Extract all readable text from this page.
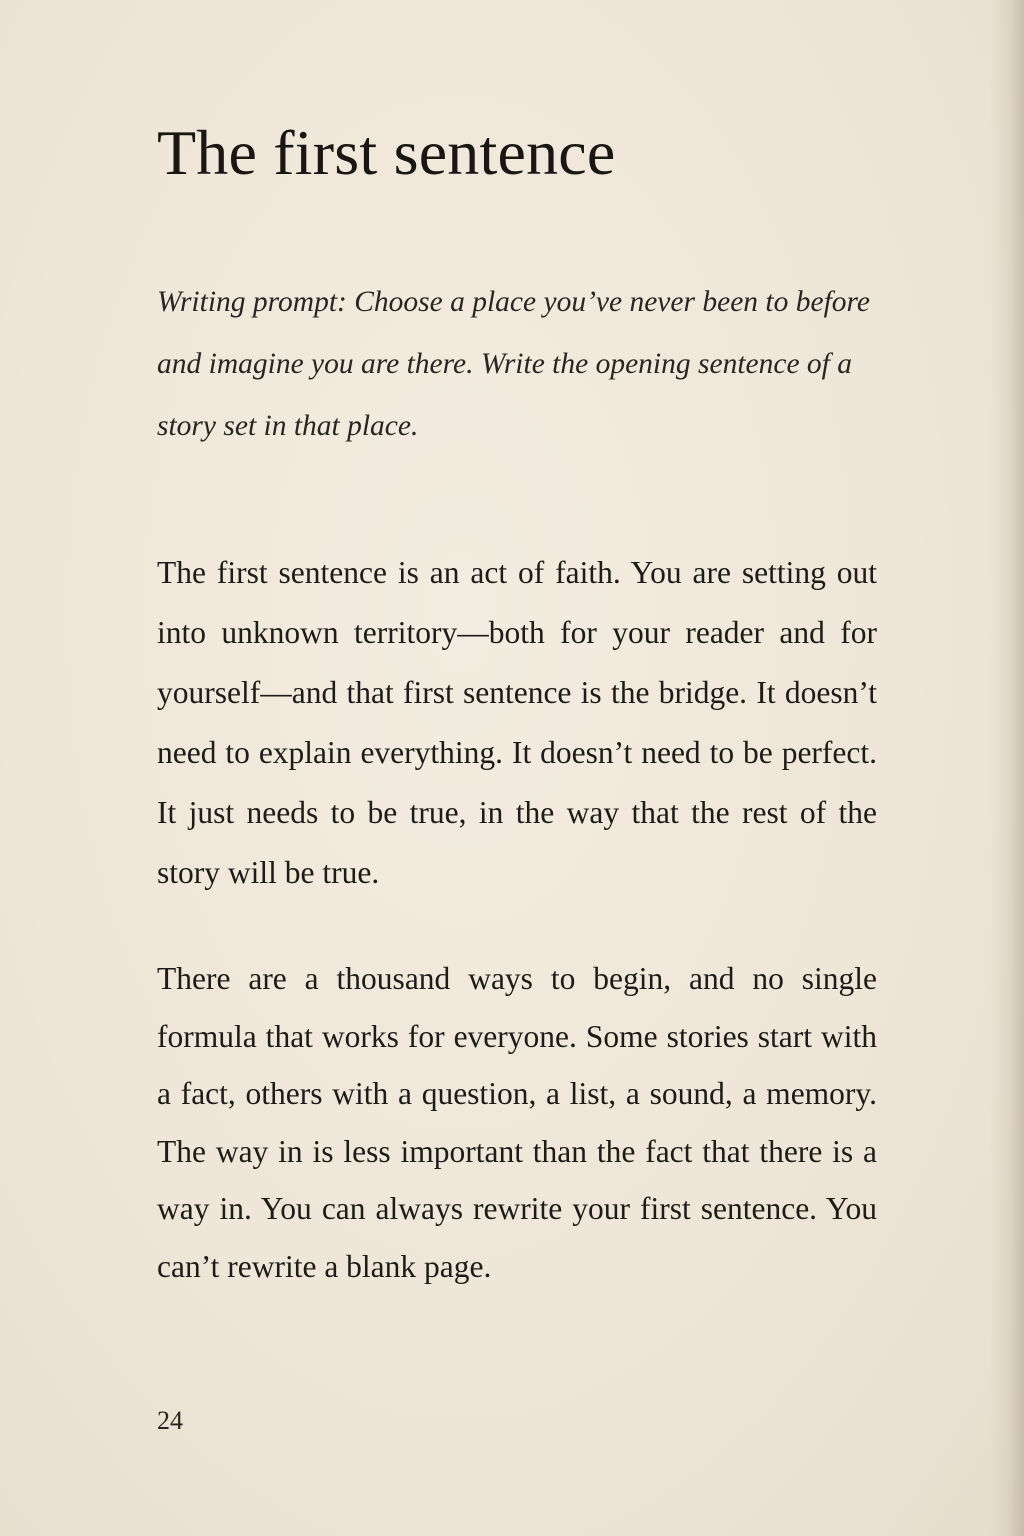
The first sentence

Writing prompt: Choose a place you’ve never been to before and imagine you are there. Write the opening sentence of a story set in that place.

The first sentence is an act of faith. You are setting out into unknown territory—both for your reader and for yourself—and that first sentence is the bridge. It doesn’t need to explain everything. It doesn’t need to be perfect. It just needs to be true, in the way that the rest of the story will be true.

There are a thousand ways to begin, and no single formula that works for everyone. Some stories start with a fact, others with a question, a list, a sound, a memory. The way in is less important than the fact that there is a way in. You can always rewrite your first sentence. You can’t rewrite a blank page.

24
